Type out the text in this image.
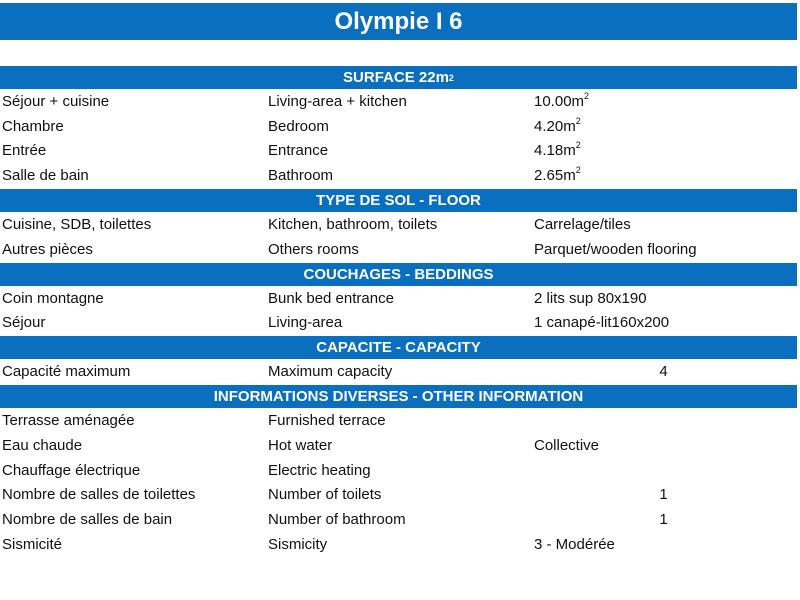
Olympie I 6
SURFACE 22m 2
Séjour + cuisine	Living-area + kitchen	$10.00m^2$
Chambre	Bedroom	$4.20m^2$
Entrée	Entrance	$4.18m^2$
Salle de bain	Bathroom	$2.65m^2$
TYPE DE SOL - FLOOR
Cuisine, SDB, toilettes	Kitchen, bathroom, toilets	Carrelage/tiles
Autres pièces	Others rooms	Parquet/wooden flooring
COUCHAGES - BEDDINGS
Coin montagne	Bunk bed entrance	2 lits sup 80x190
Séjour	Living-area	1 canapé-lit160x200
CAPACITE - CAPACITY
Capacité maximum	Maximum capacity	4
INFORMATIONS DIVERSES - OTHER INFORMATION
Terrasse aménagée	Furnished terrace
Eau chaude	Hot water	Collective
Chauffage électrique	Electric heating
Nombre de salles de toilettes	Number of toilets	1
Nombre de salles de bain	Number of bathroom	1
Sismicité	Sismicity	3 - Modérée
